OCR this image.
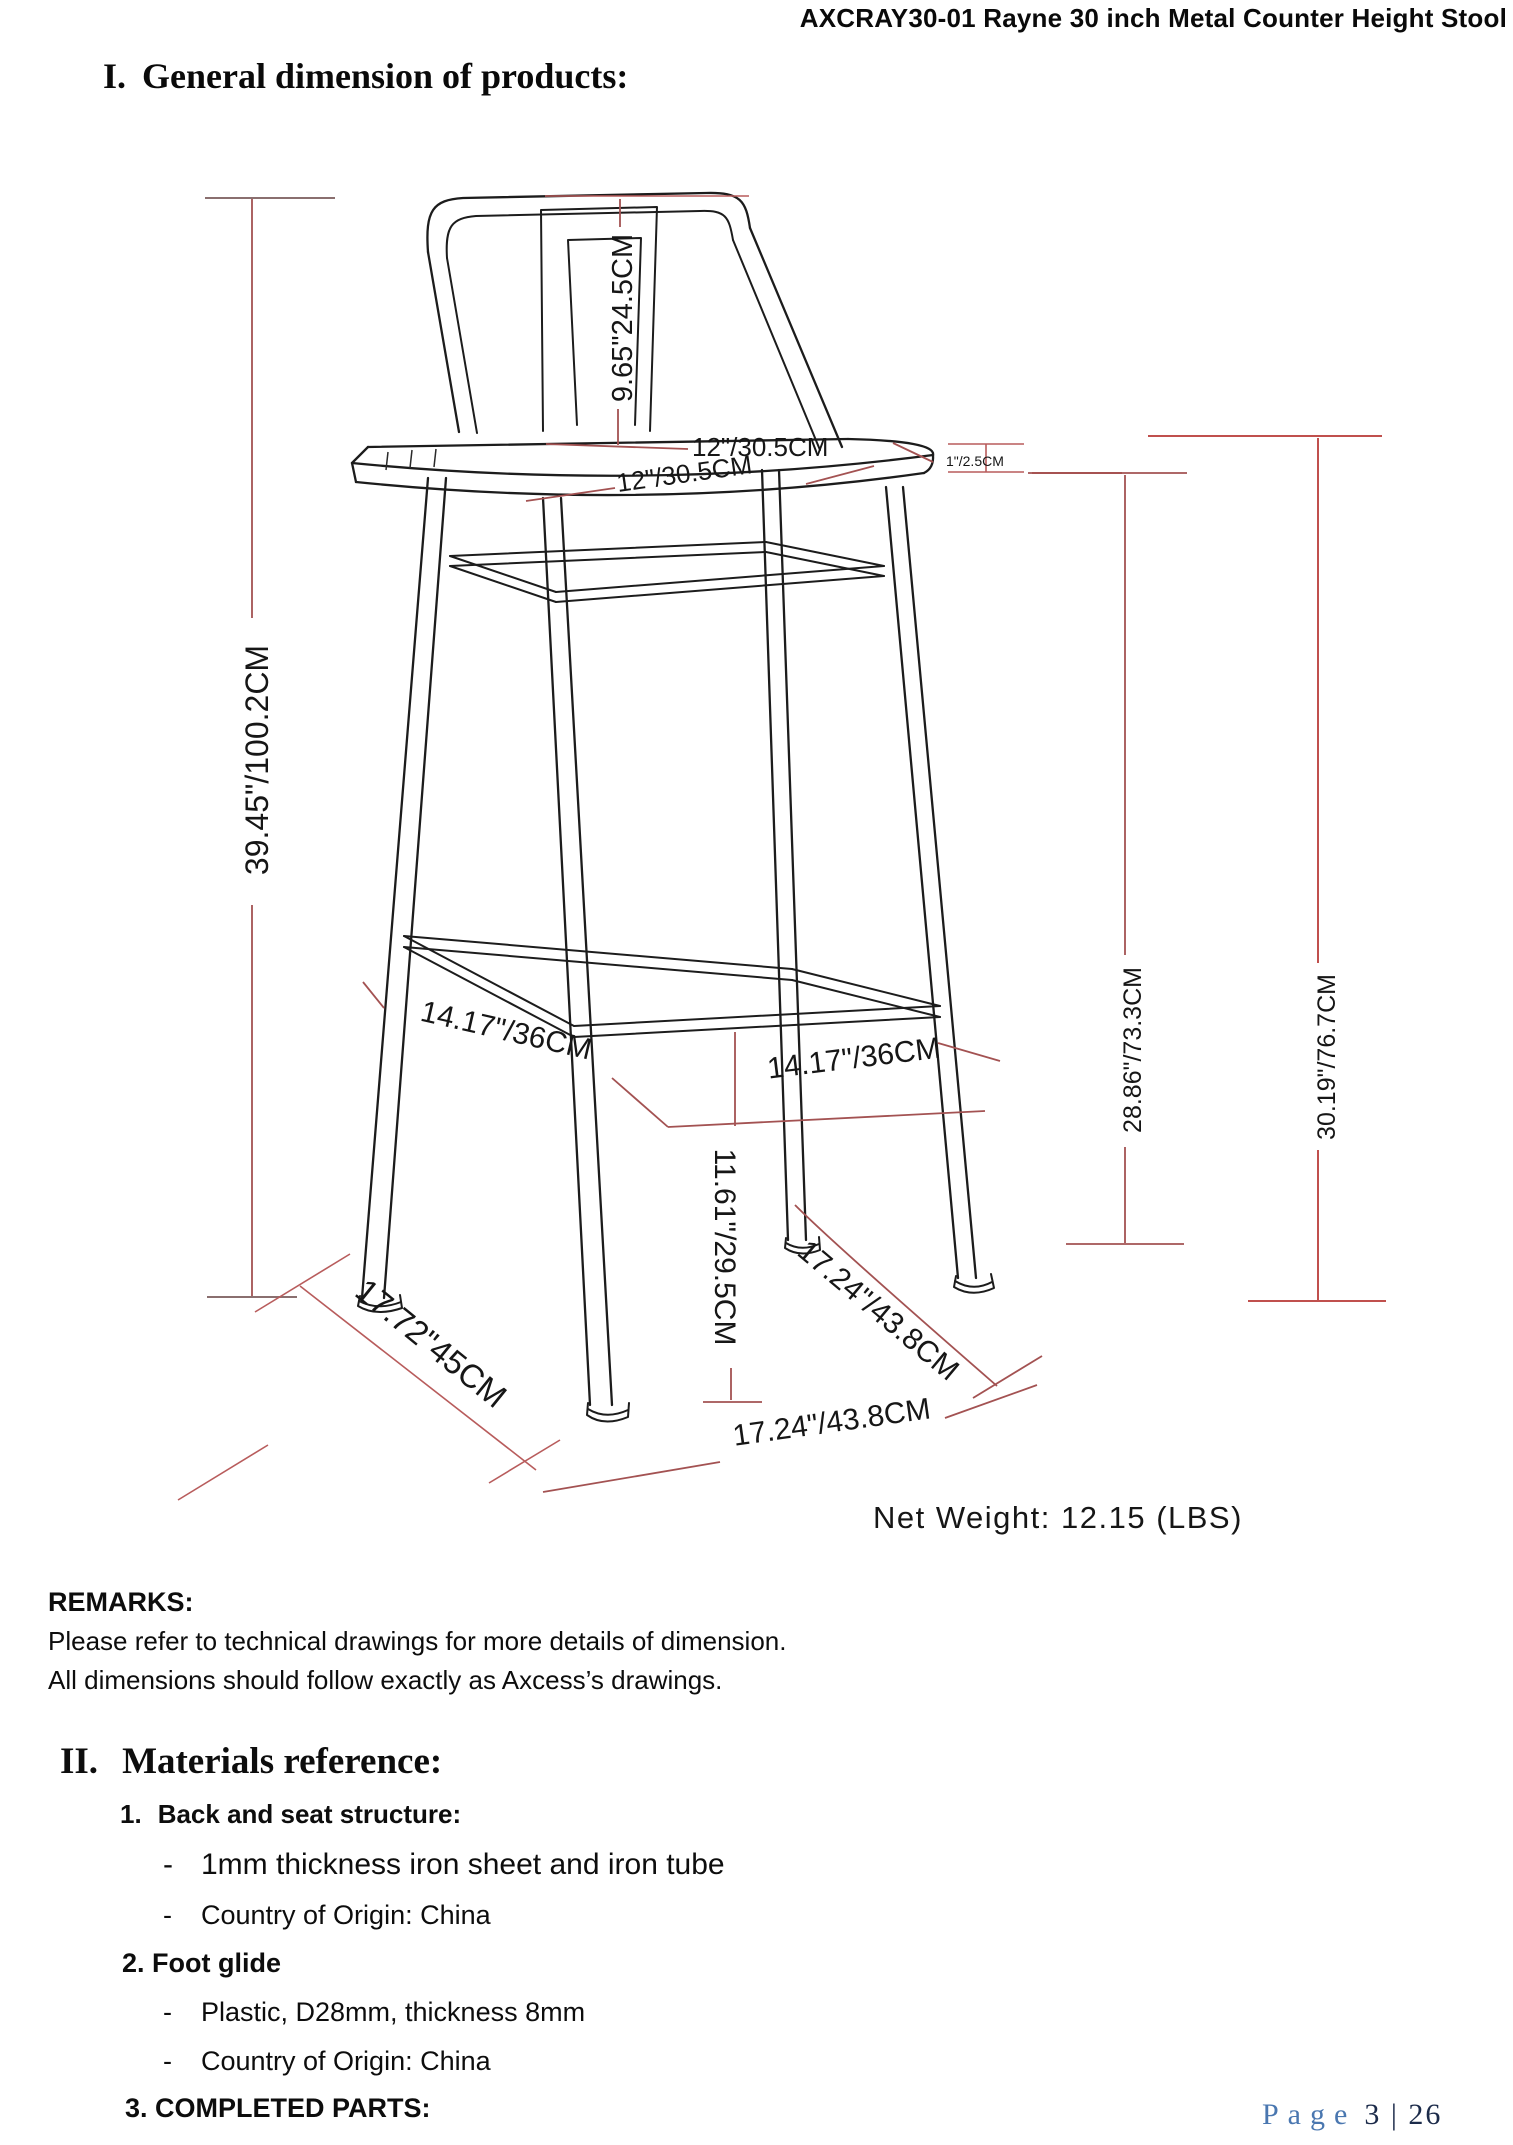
AXCRAY30-01 Rayne 30 inch Metal Counter Height Stool
I. General dimension of products:
39.45"/100.2CM
9.65"24.5CM
12"/30.5CM
12"/30.5CM	1"/2.5CM
14.17"/36CM	14.17"/36CM
11.61"/29.5CM
28.86"/73.3CM	30.19"/76.7CM
17.72"45CM	17.24"/43.8CM
17.24"/43.8CM
Net Weight: 12.15 (LBS)
REMARKS:
Please refer to technical drawings for more details of dimension.
All dimensions should follow exactly as Axcess’s drawings.
II. Materials reference:
1. Back and seat structure:
- 1mm thickness iron sheet and iron tube
-	Country of Origin: China
2. Foot glide
-	Plastic, D28mm, thickness 8mm
-	Country of Origin: China
3. COMPLETED PARTS:	Page 3 | 26
